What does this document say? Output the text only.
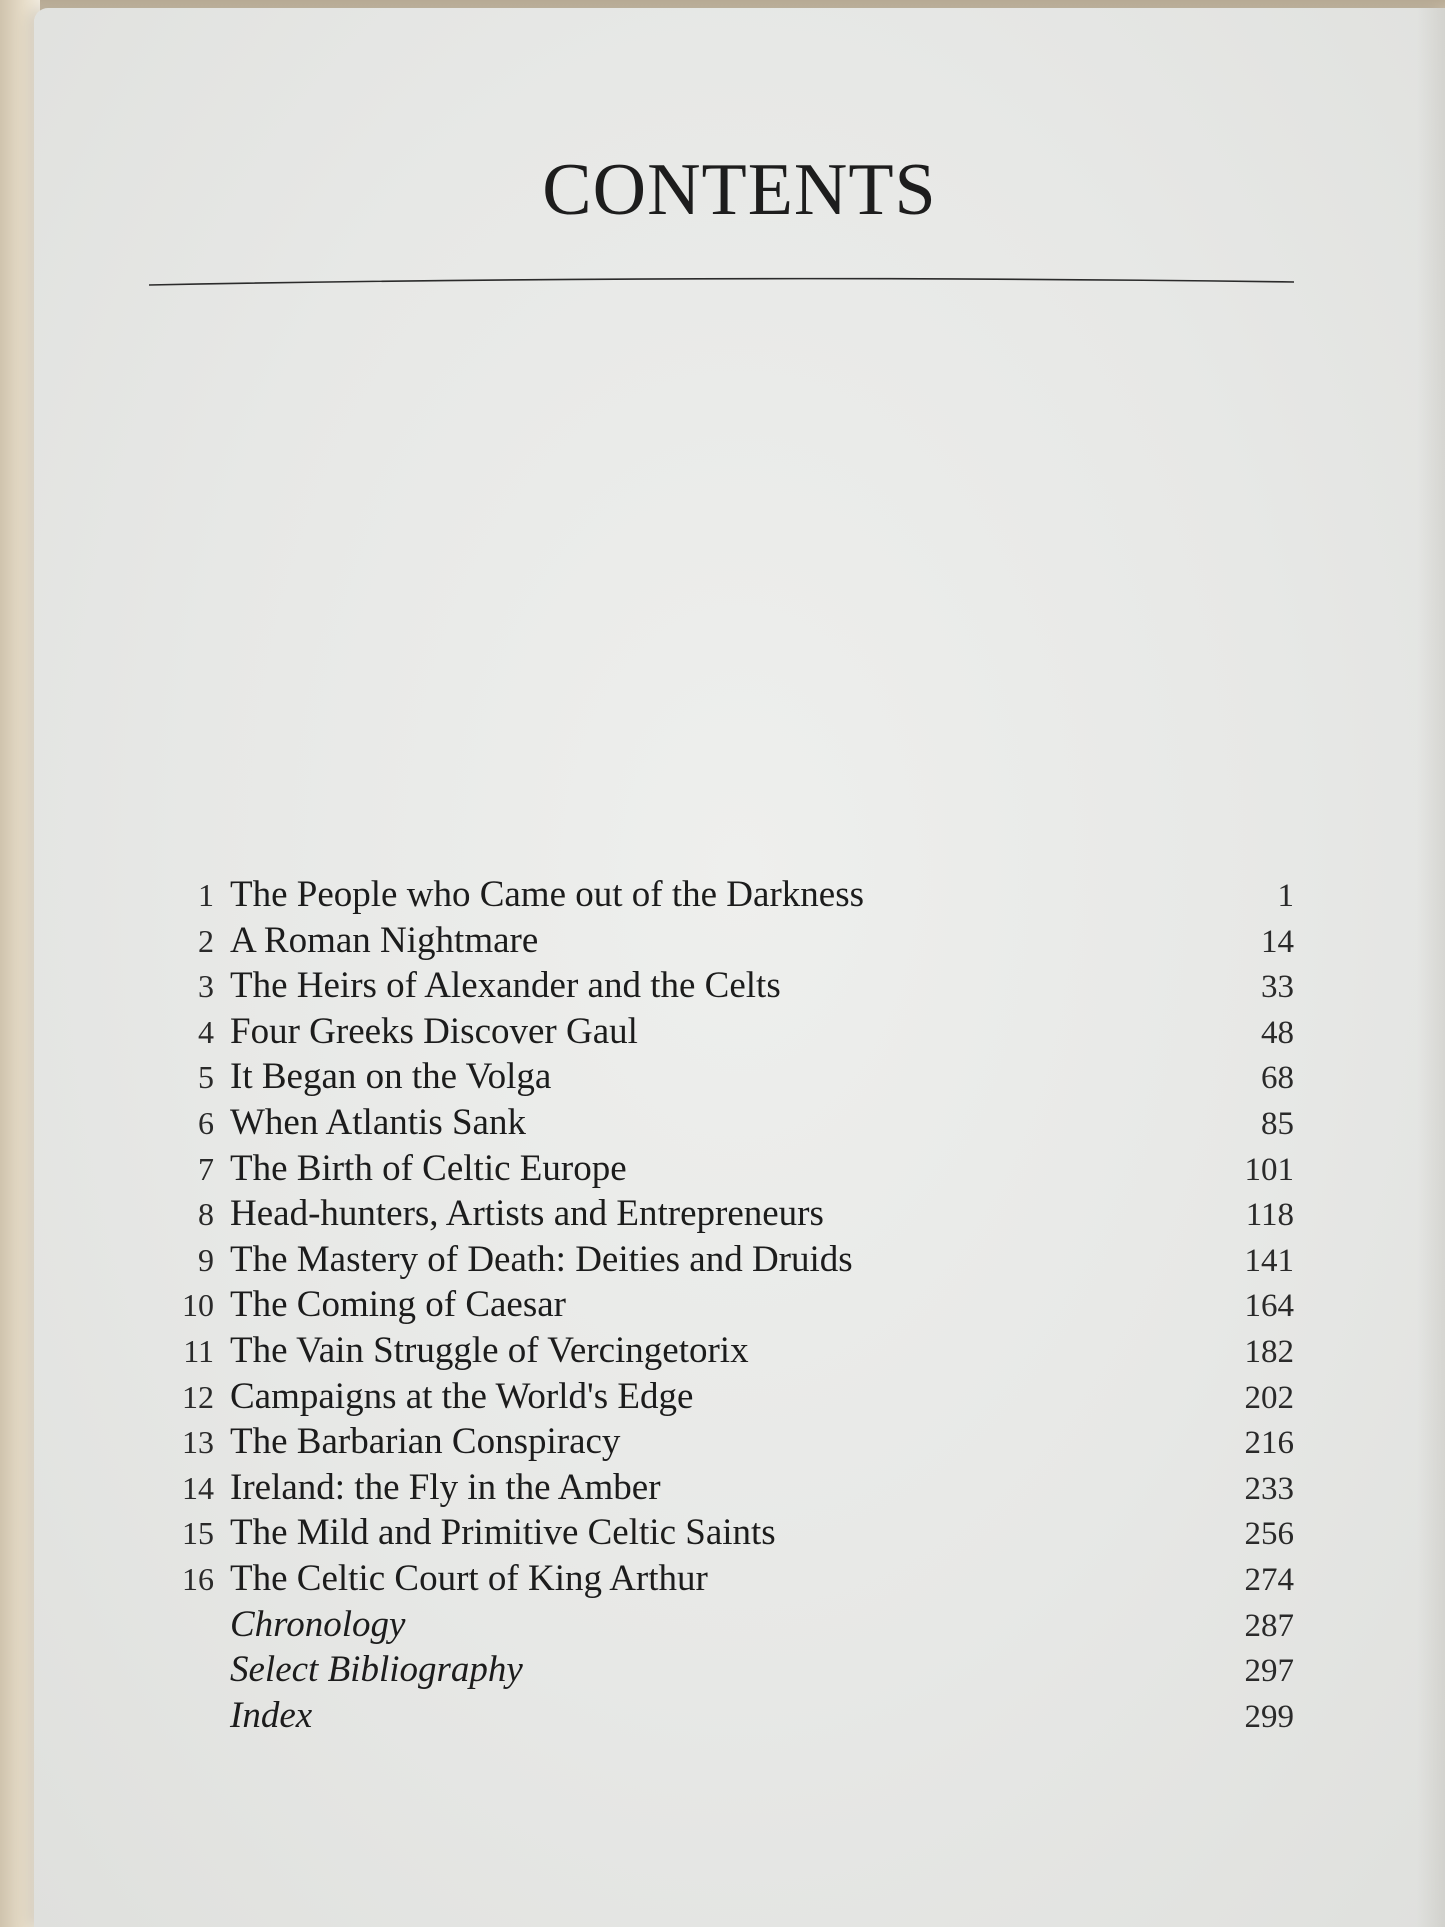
CONTENTS
1 The People who Came out of the Darkness	1
2 A Roman Nightmare	14
3 The Heirs of Alexander and the Celts	33
4 Four Greeks Discover Gaul	48
5 It Began on the Volga	68
6 When Atlantis Sank	85
7 The Birth of Celtic Europe	101
8 Head-hunters, Artists and Entrepreneurs	118
9 The Mastery of Death: Deities and Druids	141
10 The Coming of Caesar	164
11 The Vain Struggle of Vercingetorix	182
12 Campaigns at the World's Edge	202
13 The Barbarian Conspiracy	216
14 Ireland: the Fly in the Amber	233
15 The Mild and Primitive Celtic Saints	256
16 The Celtic Court of King Arthur	274
Chronology	287
Select Bibliography	297
Index	299
